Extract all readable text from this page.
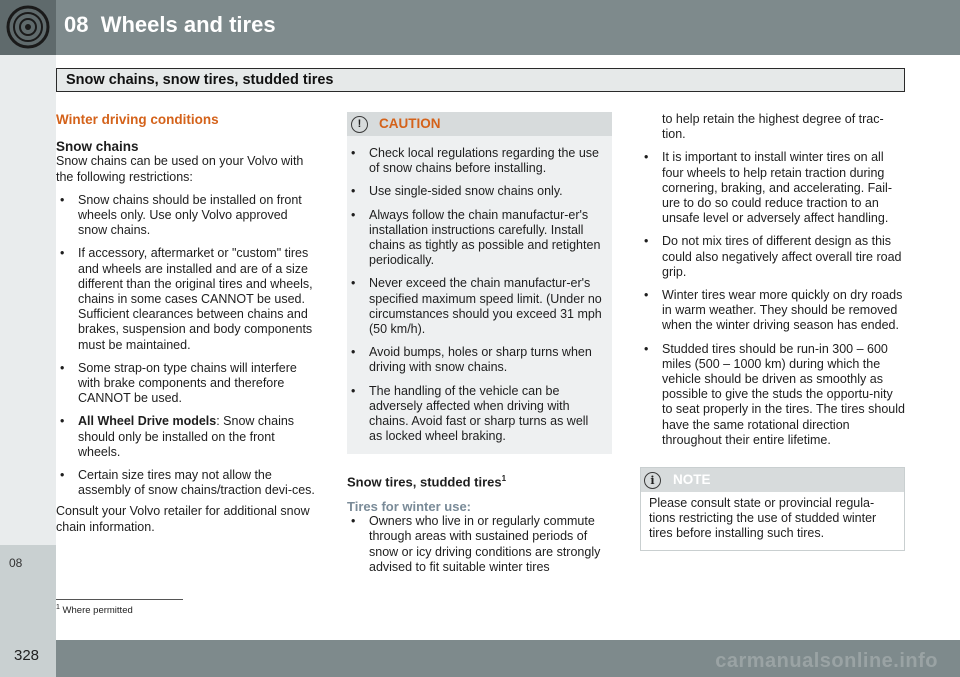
08 Wheels and tires
08
Snow chains, snow tires, studded tires
Winter driving conditions

Snow chains

Snow chains can be used on your Volvo with the following restrictions:

• Snow chains should be installed on front wheels only. Use only Volvo approved snow chains.
• If accessory, aftermarket or "custom" tires and wheels are installed and are of a size different than the original tires and wheels, chains in some cases CANNOT be used. Sufficient clearances between chains and brakes, suspension and body components must be maintained.
• Some strap-on type chains will interfere with brake components and therefore CANNOT be used.
• All Wheel Drive models: Snow chains should only be installed on the front wheels.
• Certain size tires may not allow the assembly of snow chains/traction devi-ces.

Consult your Volvo retailer for additional snow chain information.

!	CAUTION
• Check local regulations regarding the use of snow chains before installing.
• Use single-sided snow chains only.
• Always follow the chain manufactur-er's installation instructions carefully. Install chains as tightly as possible and retighten periodically.
• Never exceed the chain manufactur-er's specified maximum speed limit. (Under no circumstances should you exceed 31 mph (50 km/h).
• Avoid bumps, holes or sharp turns when driving with snow chains.
• The handling of the vehicle can be adversely affected when driving with chains. Avoid fast or sharp turns as well as locked wheel braking.
Snow tires, studded tires$^1$
Tires for winter use:
• Owners who live in or regularly commute through areas with sustained periods of snow or icy driving conditions are strongly advised to fit suitable winter tires

to help retain the highest degree of trac-tion.

• It is important to install winter tires on all four wheels to help retain traction during cornering, braking, and accelerating. Fail-ure to do so could reduce traction to an unsafe level or adversely affect handling.
• Do not mix tires of different design as this could also negatively affect overall tire road grip.
• Winter tires wear more quickly on dry roads in warm weather. They should be removed when the winter driving season has ended.
• Studded tires should be run-in 300 – 600 miles (500 – 1000 km) during which the vehicle should be driven as smoothly as possible to give the studs the opportu-nity to seat properly in the tires. The tires should have the same rotational direction throughout their entire lifetime.
i	NOTE
Please consult state or provincial regula-tions restricting the use of studded winter tires before installing such tires.
$^1$ Where permitted
328	carmanualsonline.info
